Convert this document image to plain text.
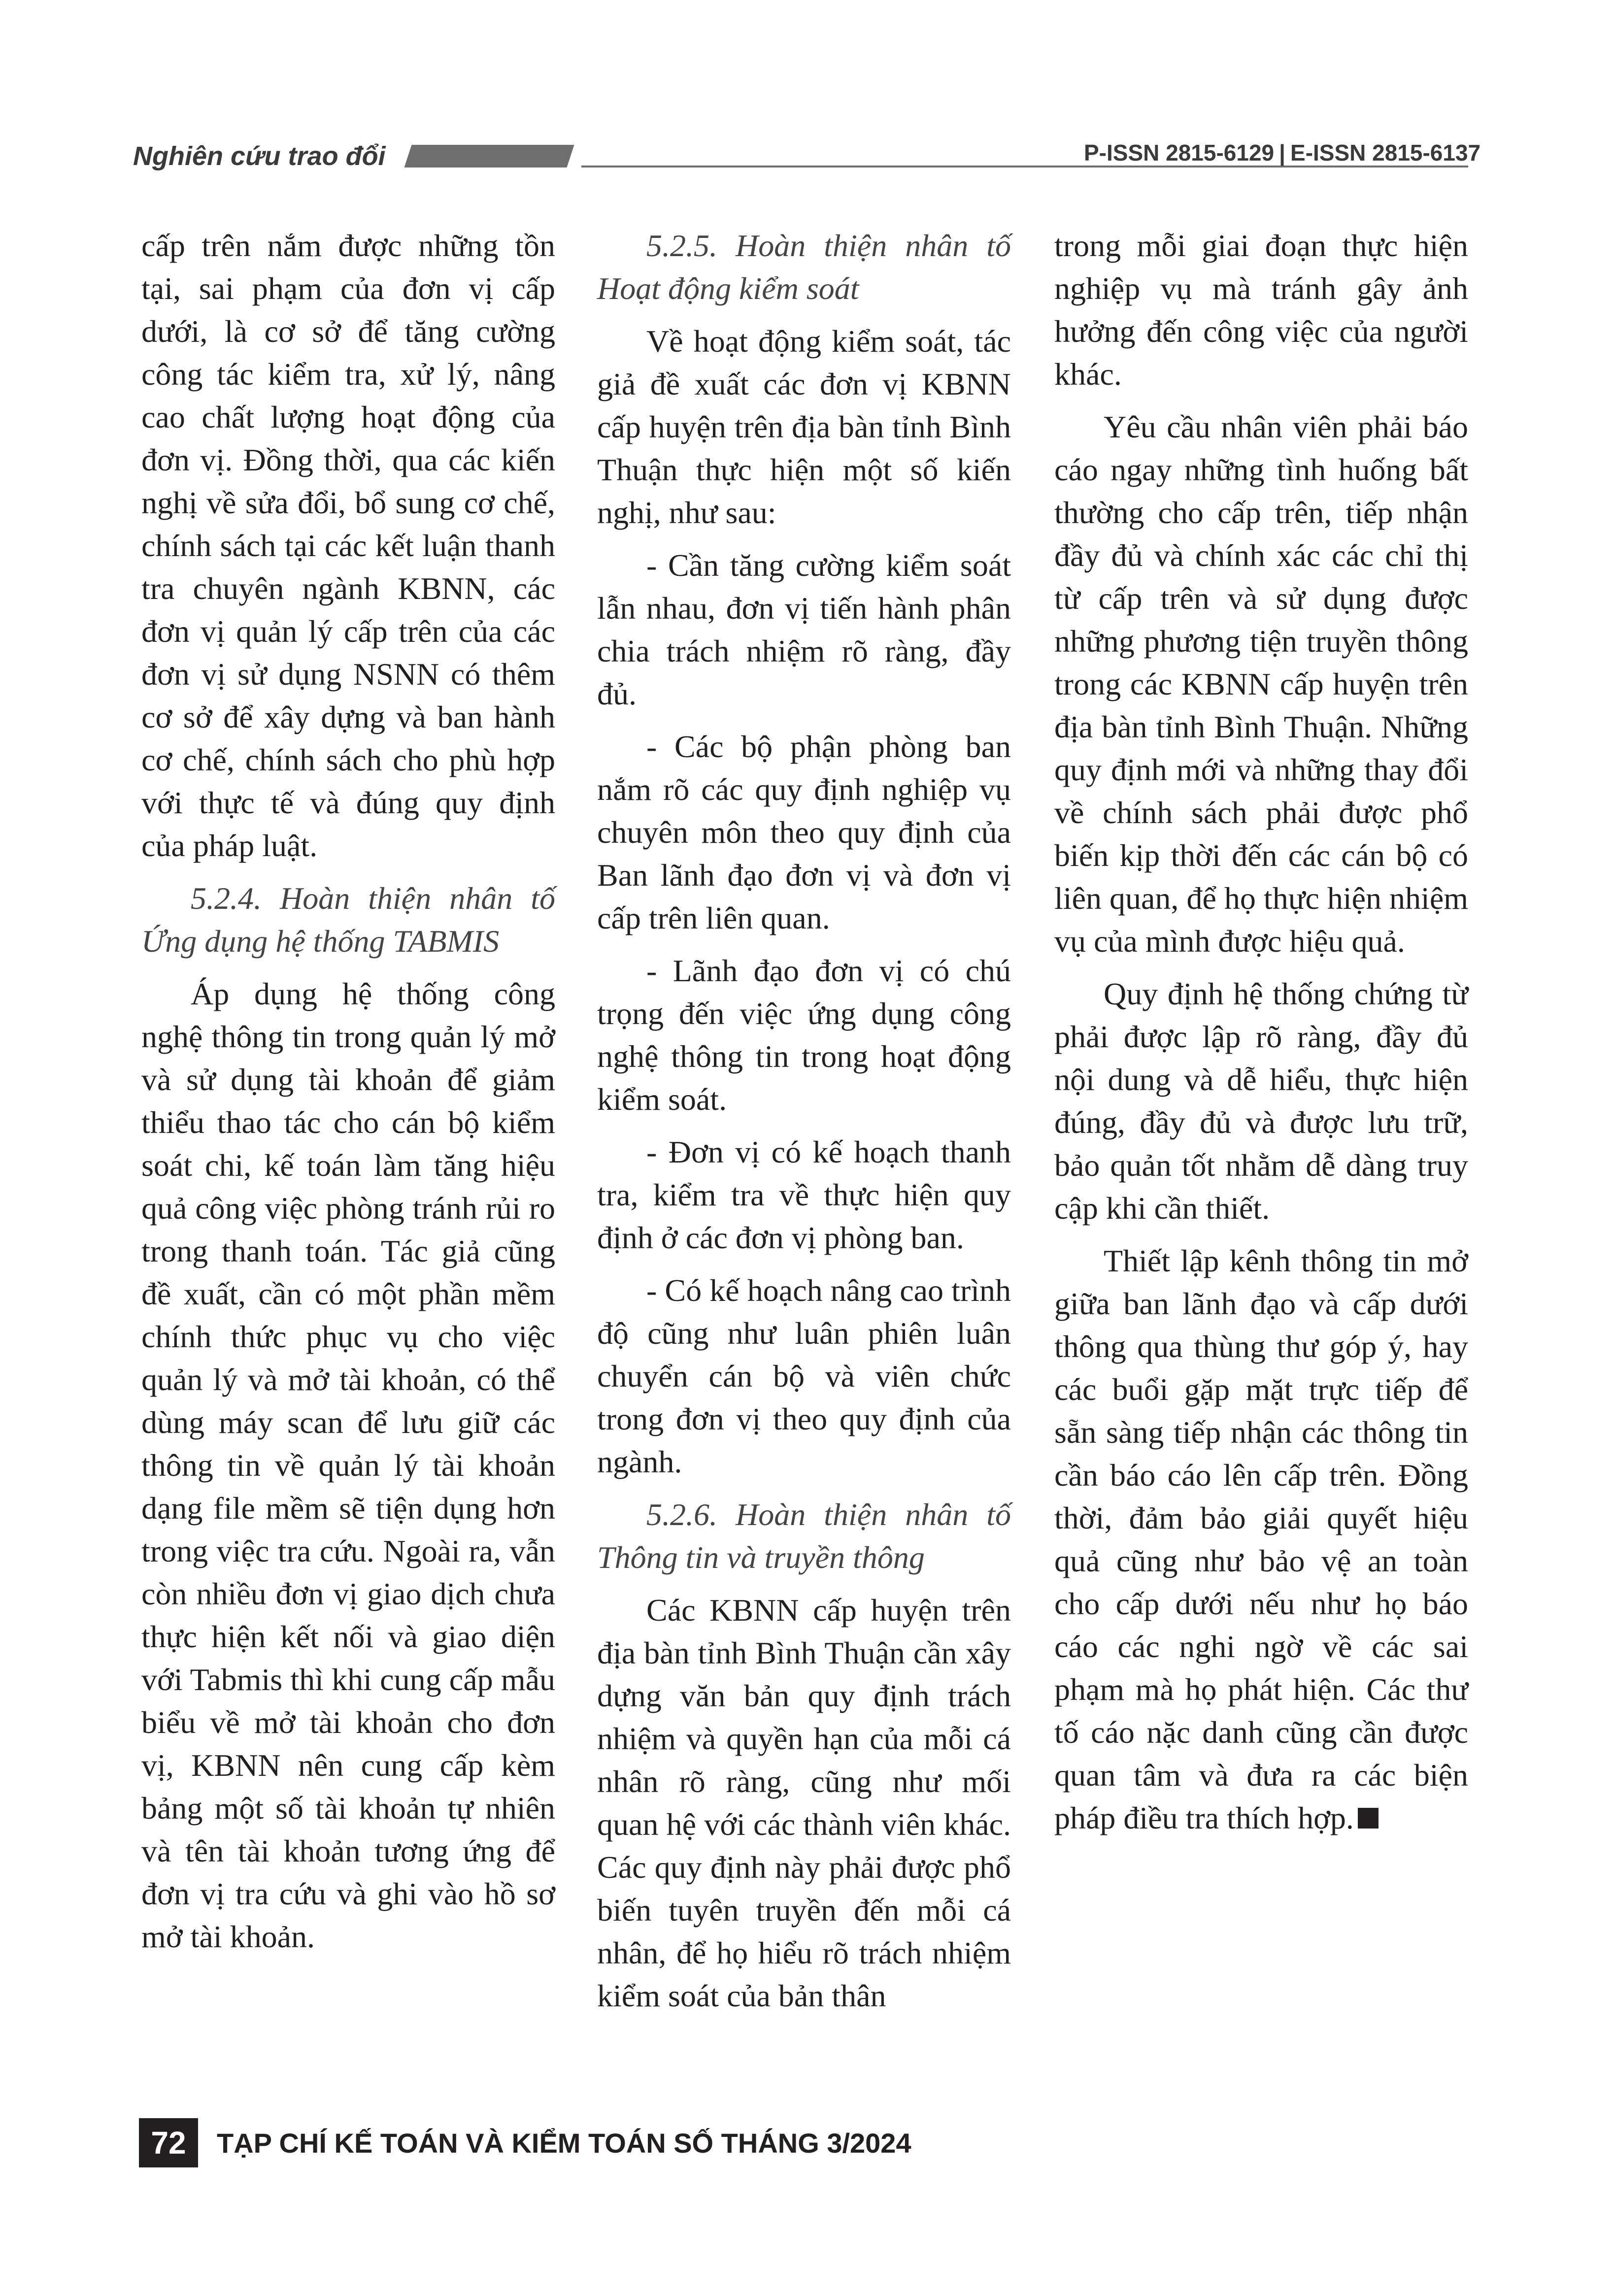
Nghiên cứu trao đổi	P-ISSN 2815-6129 | E-ISSN 2815-6137

cấp trên nắm được những tồn tại, sai phạm của đơn vị cấp dưới, là cơ sở để tăng cường công tác kiểm tra, xử lý, nâng cao chất lượng hoạt động của đơn vị. Đồng thời, qua các kiến nghị về sửa đổi, bổ sung cơ chế, chính sách tại các kết luận thanh tra chuyên ngành KBNN, các đơn vị quản lý cấp trên của các đơn vị sử dụng NSNN có thêm cơ sở để xây dựng và ban hành cơ chế, chính sách cho phù hợp với thực tế và đúng quy định của pháp luật.

5.2.4. Hoàn thiện nhân tố Ứng dụng hệ thống TABMIS

Áp dụng hệ thống công nghệ thông tin trong quản lý mở và sử dụng tài khoản để giảm thiểu thao tác cho cán bộ kiểm soát chi, kế toán làm tăng hiệu quả công việc phòng tránh rủi ro trong thanh toán. Tác giả cũng đề xuất, cần có một phần mềm chính thức phục vụ cho việc quản lý và mở tài khoản, có thể dùng máy scan để lưu giữ các thông tin về quản lý tài khoản dạng file mềm sẽ tiện dụng hơn trong việc tra cứu. Ngoài ra, vẫn còn nhiều đơn vị giao dịch chưa thực hiện kết nối và giao diện với Tabmis thì khi cung cấp mẫu biểu về mở tài khoản cho đơn vị, KBNN nên cung cấp kèm bảng một số tài khoản tự nhiên và tên tài khoản tương ứng để đơn vị tra cứu và ghi vào hồ sơ mở tài khoản.

5.2.5. Hoàn thiện nhân tố Hoạt động kiểm soát

Về hoạt động kiểm soát, tác giả đề xuất các đơn vị KBNN cấp huyện trên địa bàn tỉnh Bình Thuận thực hiện một số kiến nghị, như sau:

- Cần tăng cường kiểm soát lẫn nhau, đơn vị tiến hành phân chia trách nhiệm rõ ràng, đầy đủ.

- Các bộ phận phòng ban nắm rõ các quy định nghiệp vụ chuyên môn theo quy định của Ban lãnh đạo đơn vị và đơn vị cấp trên liên quan.

- Lãnh đạo đơn vị có chú trọng đến việc ứng dụng công nghệ thông tin trong hoạt động kiểm soát.

- Đơn vị có kế hoạch thanh tra, kiểm tra về thực hiện quy định ở các đơn vị phòng ban.

- Có kế hoạch nâng cao trình độ cũng như luân phiên luân chuyển cán bộ và viên chức trong đơn vị theo quy định của ngành.

5.2.6. Hoàn thiện nhân tố Thông tin và truyền thông

Các KBNN cấp huyện trên địa bàn tỉnh Bình Thuận cần xây dựng văn bản quy định trách nhiệm và quyền hạn của mỗi cá nhân rõ ràng, cũng như mối quan hệ với các thành viên khác. Các quy định này phải được phổ biến tuyên truyền đến mỗi cá nhân, để họ hiểu rõ trách nhiệm kiểm soát của bản thân

trong mỗi giai đoạn thực hiện nghiệp vụ mà tránh gây ảnh hưởng đến công việc của người khác.

Yêu cầu nhân viên phải báo cáo ngay những tình huống bất thường cho cấp trên, tiếp nhận đầy đủ và chính xác các chỉ thị từ cấp trên và sử dụng được những phương tiện truyền thông trong các KBNN cấp huyện trên địa bàn tỉnh Bình Thuận. Những quy định mới và những thay đổi về chính sách phải được phổ biến kịp thời đến các cán bộ có liên quan, để họ thực hiện nhiệm vụ của mình được hiệu quả.

Quy định hệ thống chứng từ phải được lập rõ ràng, đầy đủ nội dung và dễ hiểu, thực hiện đúng, đầy đủ và được lưu trữ, bảo quản tốt nhằm dễ dàng truy cập khi cần thiết.

Thiết lập kênh thông tin mở giữa ban lãnh đạo và cấp dưới thông qua thùng thư góp ý, hay các buổi gặp mặt trực tiếp để sẵn sàng tiếp nhận các thông tin cần báo cáo lên cấp trên. Đồng thời, đảm bảo giải quyết hiệu quả cũng như bảo vệ an toàn cho cấp dưới nếu như họ báo cáo các nghi ngờ về các sai phạm mà họ phát hiện. Các thư tố cáo nặc danh cũng cần được quan tâm và đưa ra các biện pháp điều tra thích hợp.

72	TẠP CHÍ KẾ TOÁN VÀ KIỂM TOÁN SỐ THÁNG 3/2024
